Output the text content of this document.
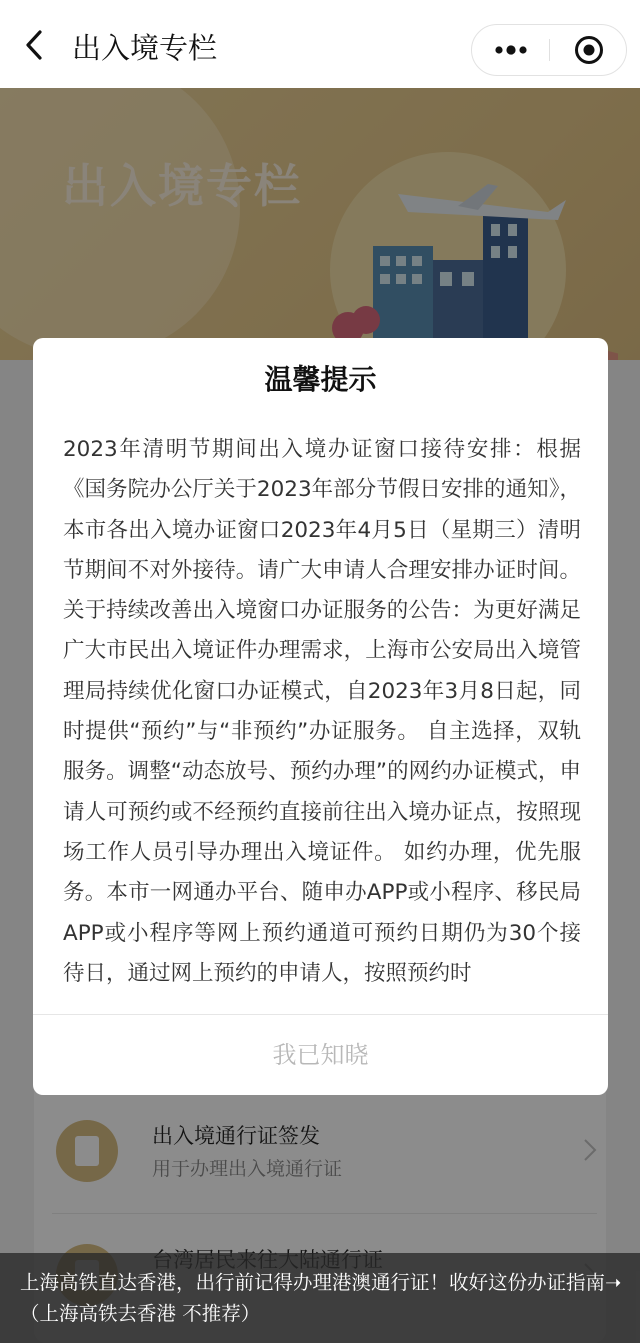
出入境专栏
出入境专栏
出入境通行证签发
用于办理出入境通行证
温馨提示
2023年清明节期间出入境办证窗口接待安排：根据《国务院办公厅关于2023年部分节假日安排的通知》，本市各出入境办证窗口2023年4月5日（星期三）清明节期间不对外接待。请广大申请人合理安排办证时间。 关于持续改善出入境窗口办证服务的公告：为更好满足广大市民出入境证件办理需求，上海市公安局出入境管理局持续优化窗口办证模式，自2023年3月8日起，同时提供“预约”与“非预约”办证服务。 自主选择，双轨服务。调整“动态放号、预约办理”的网约办证模式，申请人可预约或不经预约直接前往出入境办证点，按照现场工作人员引导办理出入境证件。 如约办理，优先服务。本市一网通办平台、随申办APP或小程序、移民局APP或小程序等网上预约通道可预约日期仍为30个接待日，通过网上预约的申请人，按照预约时
我已知晓
上海高铁直达香港，出行前记得办理港澳通行证！收好这份办证指南➝（上海高铁去香港 不推荐）
